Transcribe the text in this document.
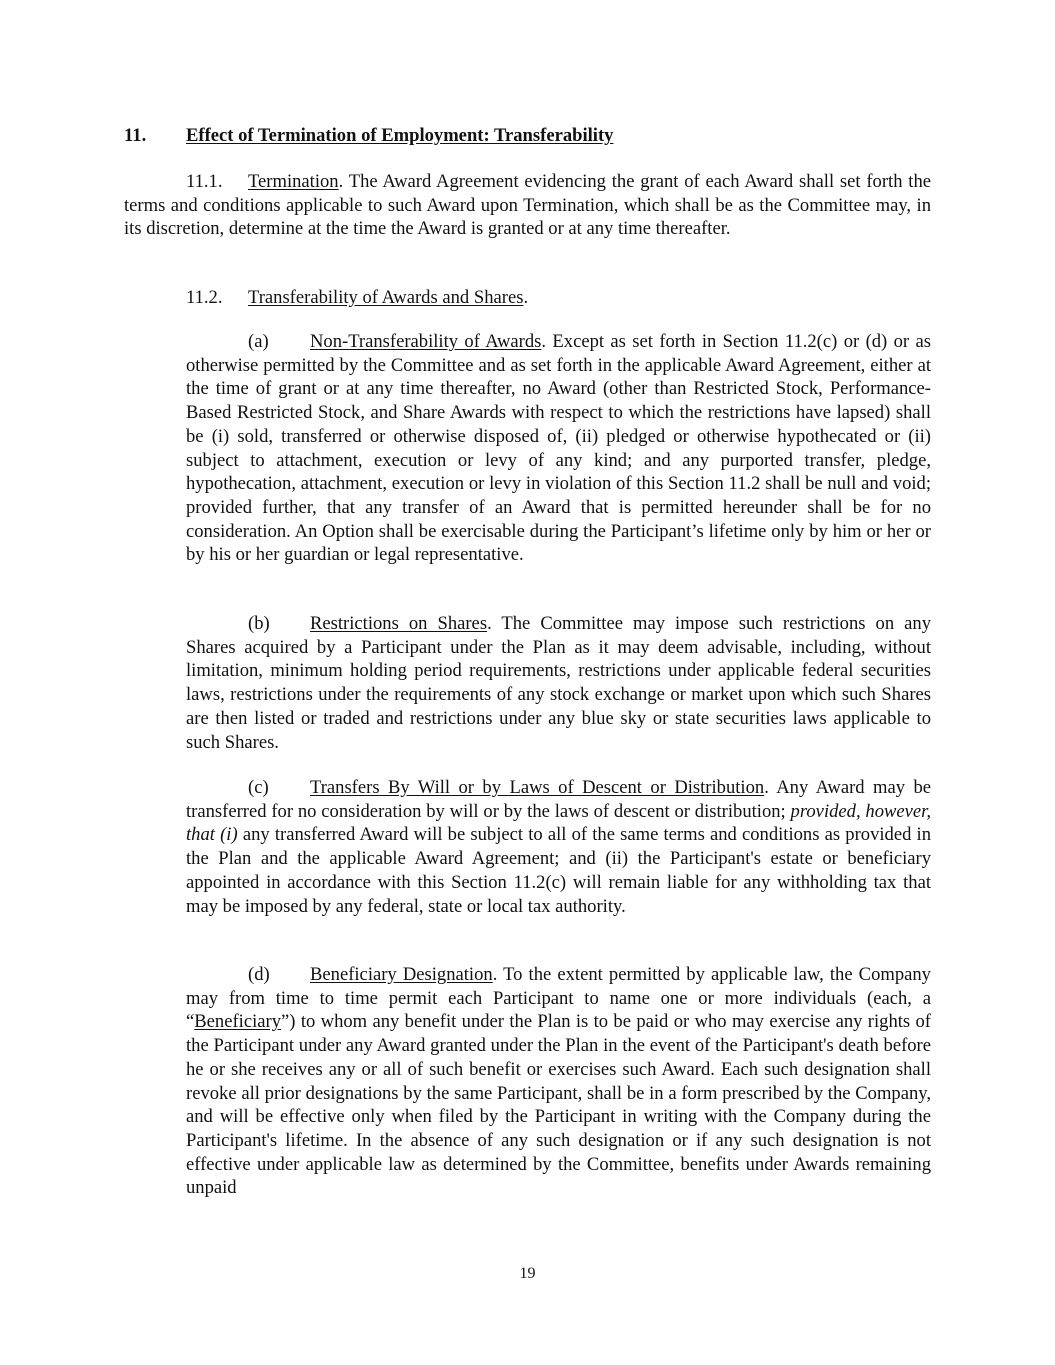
11. Effect of Termination of Employment: Transferability
11.1. Termination. The Award Agreement evidencing the grant of each Award shall set forth the terms and conditions applicable to such Award upon Termination, which shall be as the Committee may, in its discretion, determine at the time the Award is granted or at any time thereafter.
11.2. Transferability of Awards and Shares.
(a) Non-Transferability of Awards. Except as set forth in Section 11.2(c) or (d) or as otherwise permitted by the Committee and as set forth in the applicable Award Agreement, either at the time of grant or at any time thereafter, no Award (other than Restricted Stock, Performance-Based Restricted Stock, and Share Awards with respect to which the restrictions have lapsed) shall be (i) sold, transferred or otherwise disposed of, (ii) pledged or otherwise hypothecated or (ii) subject to attachment, execution or levy of any kind; and any purported transfer, pledge, hypothecation, attachment, execution or levy in violation of this Section 11.2 shall be null and void; provided further, that any transfer of an Award that is permitted hereunder shall be for no consideration. An Option shall be exercisable during the Participant’s lifetime only by him or her or by his or her guardian or legal representative.
(b) Restrictions on Shares. The Committee may impose such restrictions on any Shares acquired by a Participant under the Plan as it may deem advisable, including, without limitation, minimum holding period requirements, restrictions under applicable federal securities laws, restrictions under the requirements of any stock exchange or market upon which such Shares are then listed or traded and restrictions under any blue sky or state securities laws applicable to such Shares.
(c) Transfers By Will or by Laws of Descent or Distribution. Any Award may be transferred for no consideration by will or by the laws of descent or distribution; provided, however, that (i) any transferred Award will be subject to all of the same terms and conditions as provided in the Plan and the applicable Award Agreement; and (ii) the Participant's estate or beneficiary appointed in accordance with this Section 11.2(c) will remain liable for any withholding tax that may be imposed by any federal, state or local tax authority.
(d) Beneficiary Designation. To the extent permitted by applicable law, the Company may from time to time permit each Participant to name one or more individuals (each, a “Beneficiary”) to whom any benefit under the Plan is to be paid or who may exercise any rights of the Participant under any Award granted under the Plan in the event of the Participant's death before he or she receives any or all of such benefit or exercises such Award. Each such designation shall revoke all prior designations by the same Participant, shall be in a form prescribed by the Company, and will be effective only when filed by the Participant in writing with the Company during the Participant's lifetime. In the absence of any such designation or if any such designation is not effective under applicable law as determined by the Committee, benefits under Awards remaining unpaid
19
